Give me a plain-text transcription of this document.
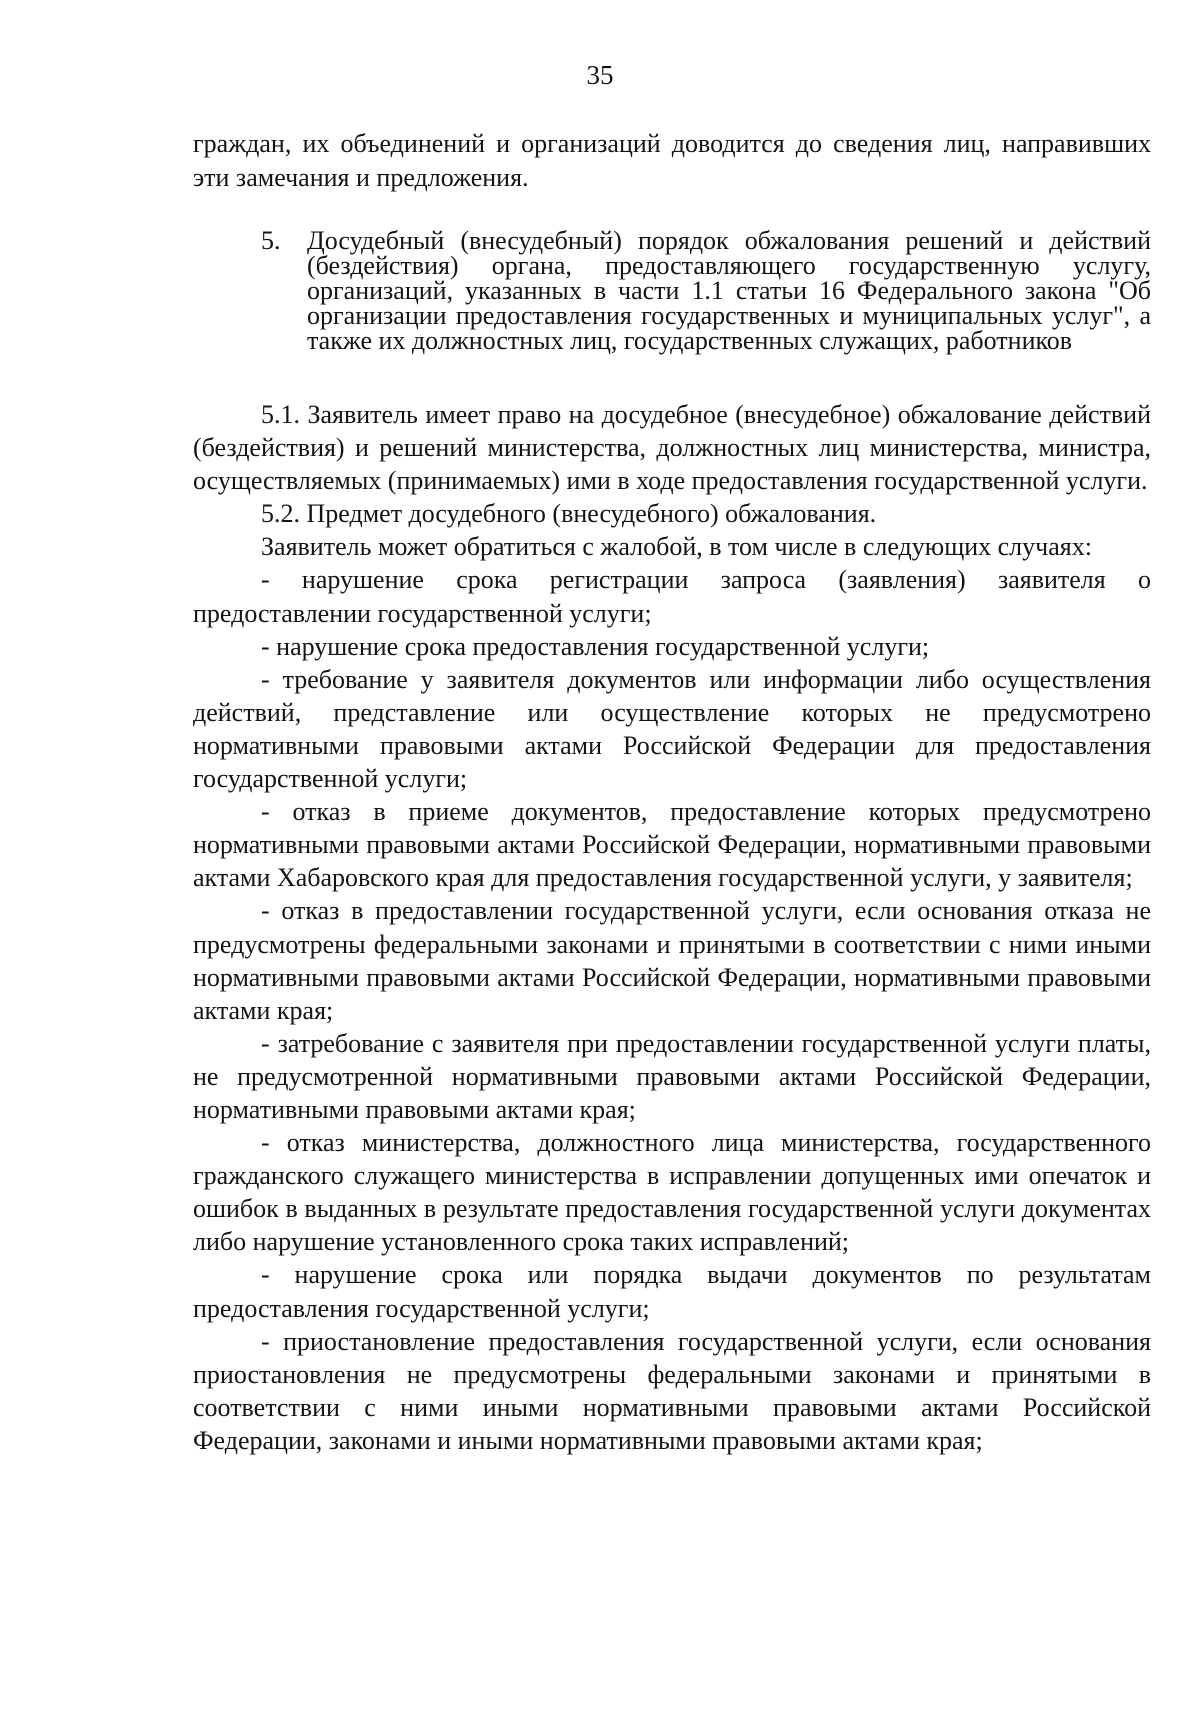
35

граждан, их объединений и организаций доводится до сведения лиц, направивших эти замечания и предложения.

5. Досудебный (внесудебный) порядок обжалования решений и действий (бездействия) органа, предоставляющего государственную услугу, организаций, указанных в части 1.1 статьи 16 Федерального закона "Об организации предоставления государственных и муниципальных услуг", а также их должностных лиц, государственных служащих, работников

5.1. Заявитель имеет право на досудебное (внесудебное) обжалование действий (бездействия) и решений министерства, должностных лиц министерства, министра, осуществляемых (принимаемых) ими в ходе предоставления государственной услуги.

5.2. Предмет досудебного (внесудебного) обжалования.

Заявитель может обратиться с жалобой, в том числе в следующих случаях:

- нарушение срока регистрации запроса (заявления) заявителя о предоставлении государственной услуги;

- нарушение срока предоставления государственной услуги;

- требование у заявителя документов или информации либо осуществления действий, представление или осуществление которых не предусмотрено нормативными правовыми актами Российской Федерации для предоставления государственной услуги;

- отказ в приеме документов, предоставление которых предусмотрено нормативными правовыми актами Российской Федерации, нормативными правовыми актами Хабаровского края для предоставления государственной услуги, у заявителя;

- отказ в предоставлении государственной услуги, если основания отказа не предусмотрены федеральными законами и принятыми в соответствии с ними иными нормативными правовыми актами Российской Федерации, нормативными правовыми актами края;

- затребование с заявителя при предоставлении государственной услуги платы, не предусмотренной нормативными правовыми актами Российской Федерации, нормативными правовыми актами края;

- отказ министерства, должностного лица министерства, государственного гражданского служащего министерства в исправлении допущенных ими опечаток и ошибок в выданных в результате предоставления государственной услуги документах либо нарушение установленного срока таких исправлений;

- нарушение срока или порядка выдачи документов по результатам предоставления государственной услуги;

- приостановление предоставления государственной услуги, если основания приостановления не предусмотрены федеральными законами и принятыми в соответствии с ними иными нормативными правовыми актами Российской Федерации, законами и иными нормативными правовыми актами края;
